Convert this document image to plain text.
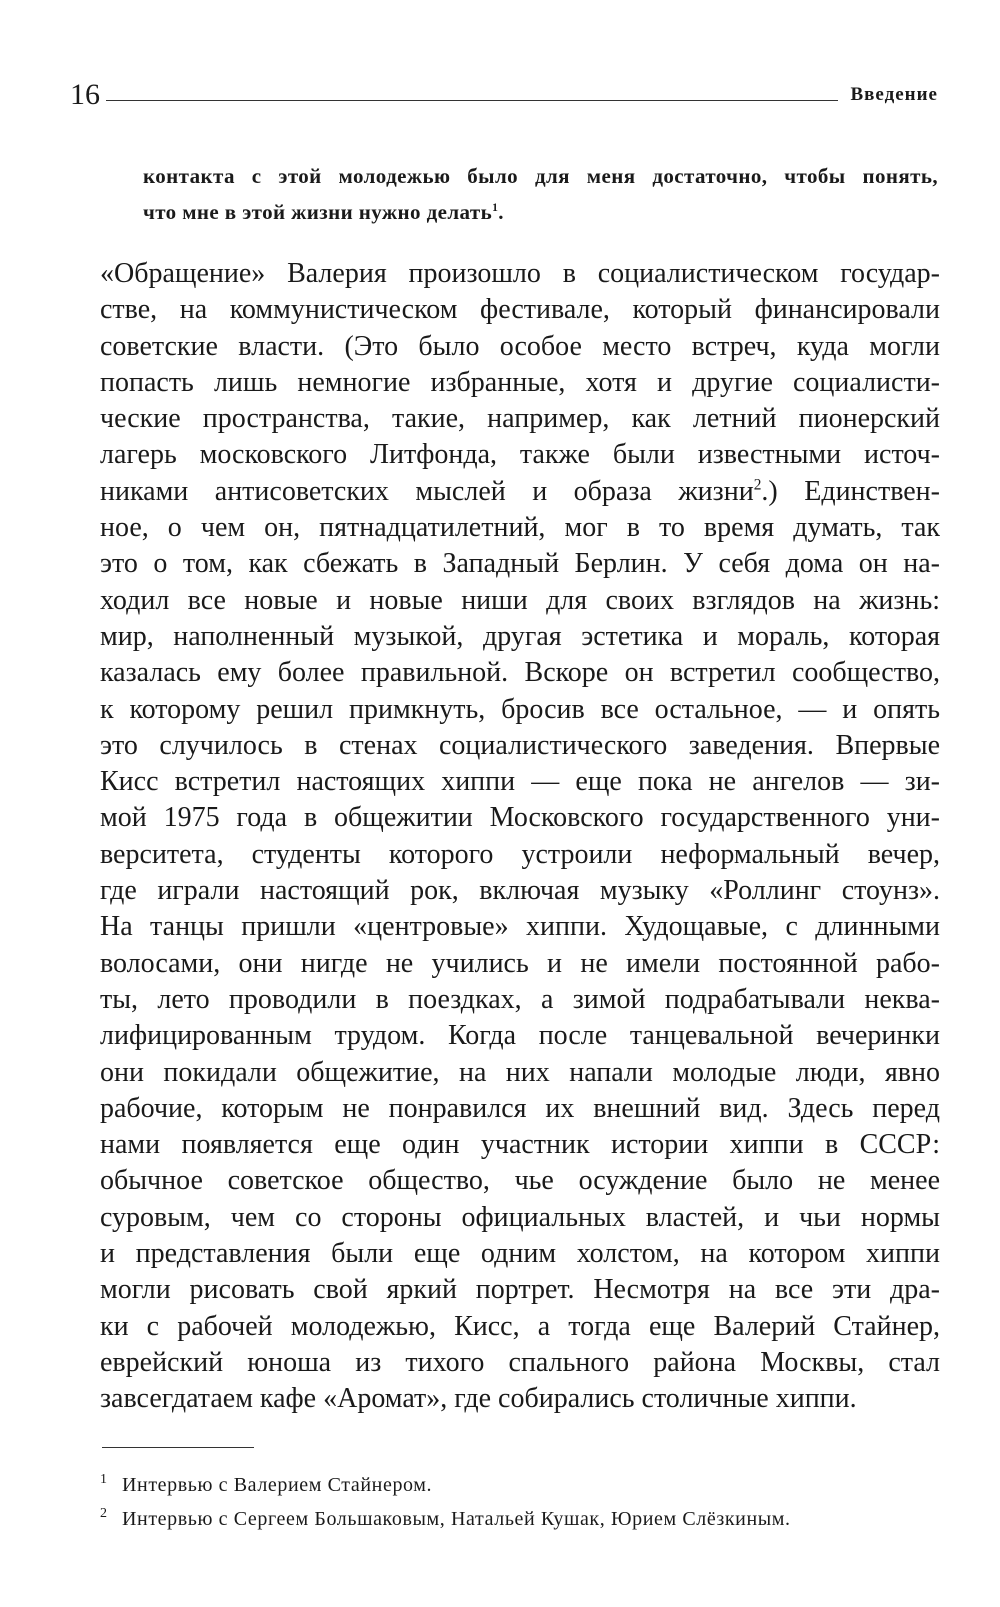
16	Введение
контакта с этой молодежью было для меня достаточно, чтобы понять,
что мне в этой жизни нужно делать$^1$.
«Обращение» Валерия произошло в социалистическом государ-
стве, на коммунистическом фестивале, который финансировали
советские власти. (Это было особое место встреч, куда могли
попасть лишь немногие избранные, хотя и другие социалисти-
ческие пространства, такие, например, как летний пионерский
лагерь московского Литфонда, также были известными источ-
никами антисоветских мыслей и образа жизни$^2$.) Единствен-
ное, о чем он, пятнадцатилетний, мог в то время думать, так
это о том, как сбежать в Западный Берлин. У себя дома он на-
ходил все новые и новые ниши для своих взглядов на жизнь:
мир, наполненный музыкой, другая эстетика и мораль, которая
казалась ему более правильной. Вскоре он встретил сообщество,
к которому решил примкнуть, бросив все остальное, — и опять
это случилось в стенах социалистического заведения. Впервые
Кисс встретил настоящих хиппи — еще пока не ангелов — зи-
мой 1975 года в общежитии Московского государственного уни-
верситета, студенты которого устроили неформальный вечер,
где играли настоящий рок, включая музыку «Роллинг стоунз».
На танцы пришли «центровые» хиппи. Худощавые, с длинными
волосами, они нигде не учились и не имели постоянной рабо-
ты, лето проводили в поездках, а зимой подрабатывали неква-
лифицированным трудом. Когда после танцевальной вечеринки
они покидали общежитие, на них напали молодые люди, явно
рабочие, которым не понравился их внешний вид. Здесь перед
нами появляется еще один участник истории хиппи в СССР:
обычное советское общество, чье осуждение было не менее
суровым, чем со стороны официальных властей, и чьи нормы
и представления были еще одним холстом, на котором хиппи
могли рисовать свой яркий портрет. Несмотря на все эти дра-
ки с рабочей молодежью, Кисс, а тогда еще Валерий Стайнер,
еврейский юноша из тихого спального района Москвы, стал
завсегдатаем кафе «Аромат», где собирались столичные хиппи.
1 Интервью с Валерием Стайнером.
2 Интервью с Сергеем Большаковым, Натальей Кушак, Юрием Слёзкиным.
